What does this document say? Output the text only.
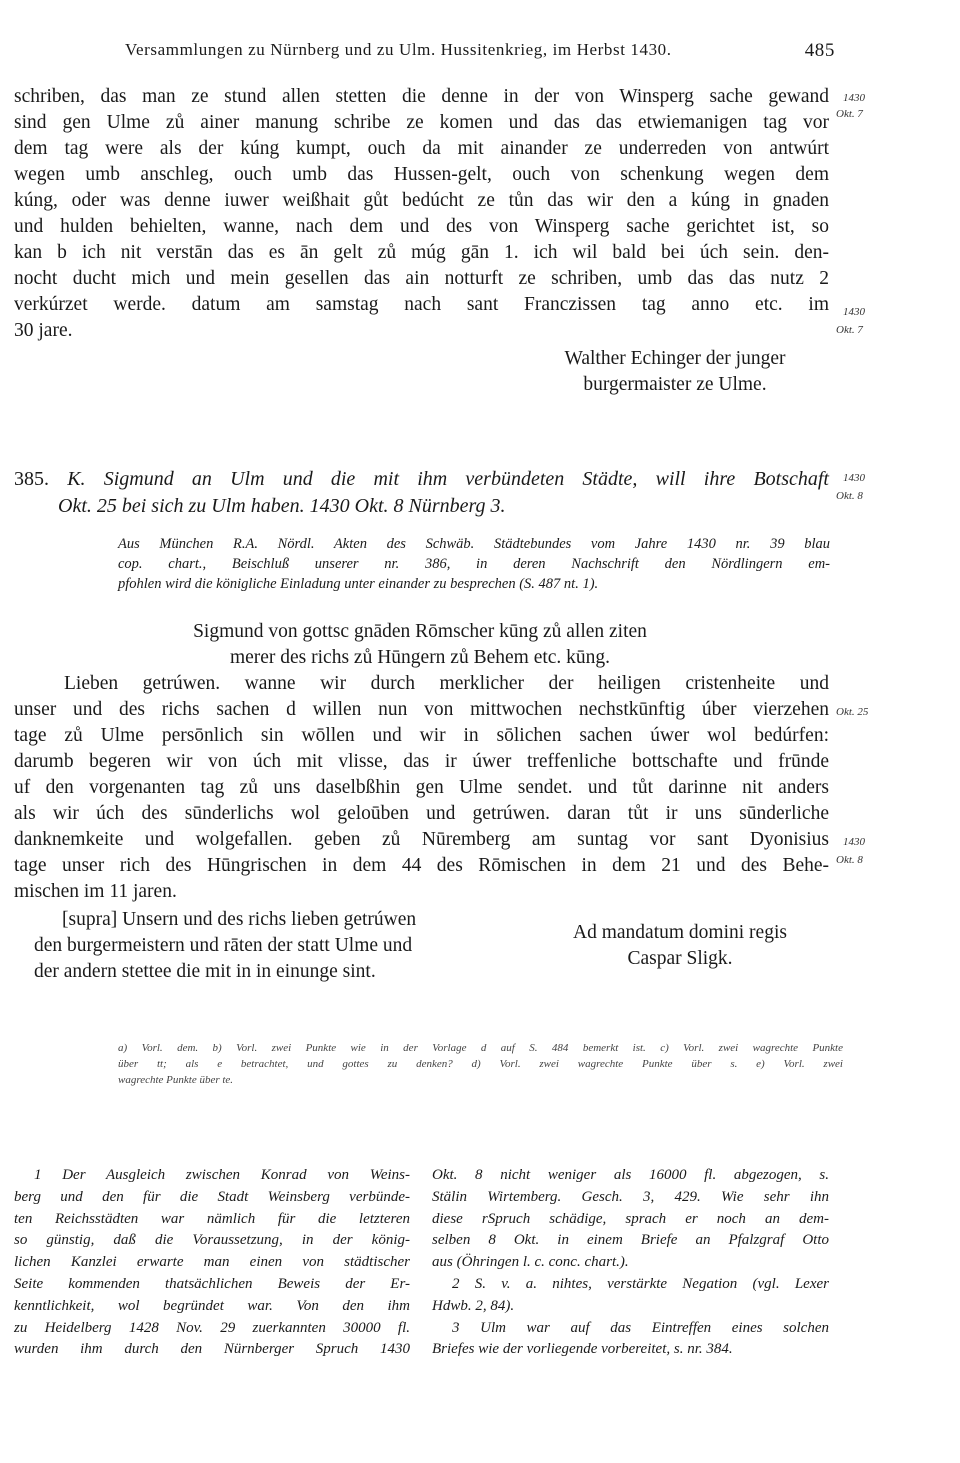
Versammlungen zu Nürnberg und zu Ulm. Hussitenkrieg, im Herbst 1430.	485
schriben, das man ze stund allen stetten die denne in der von Winsperg sache gewand
sind gen Ulme zů ainer manung schribe ze komen und das das etwiemanigen tag vor
dem tag were als der kúng kumpt, ouch da mit ainander ze underreden von antwúrt
wegen umb anschleg, ouch umb das Hussen-gelt, ouch von schenkung wegen dem
kúng, oder was denne iuwer weißhait gůt bedúcht ze tůn das wir den a kúng in gnaden
und hulden behielten, wanne, nach dem und des von Winsperg sache gerichtet ist, so
kan b ich nit verstān das es ān gelt zů múg gān 1. ich wil bald bei úch sein. den-
nocht ducht mich und mein gesellen das ain notturft ze schriben, umb das das nutz 2
verkúrzet werde. datum am samstag nach sant Franczissen tag anno etc. im
30 jare.
1430
Okt. 7
1430
Okt. 7
Walther Echinger der junger
burgermaister ze Ulme.
385. K. Sigmund an Ulm und die mit ihm verbündeten Städte, will ihre Botschaft
Okt. 25 bei sich zu Ulm haben. 1430 Okt. 8 Nürnberg 3.
1430
Okt. 8
Aus München R.A. Nördl. Akten des Schwäb. Städtebundes vom Jahre 1430 nr. 39 blau
cop. chart., Beischluß unserer nr. 386, in deren Nachschrift den Nördlingern em-
pfohlen wird die königliche Einladung unter einander zu besprechen (S. 487 nt. 1).
Sigmund von gottsc gnāden Rōmscher kūng zů allen ziten
merer des richs zů Hūngern zů Behem etc. kūng.
Lieben getrúwen. wanne wir durch merklicher der heiligen cristenheite und
unser und des richs sachen d willen nun von mittwochen nechstkūnftig úber vierzehen
tage zů Ulme persōnlich sin wōllen und wir in sōlichen sachen úwer wol bedúrfen:
darumb begeren wir von úch mit vlisse, das ir úwer treffenliche bottschafte und frūnde
uf den vorgenanten tag zů uns daselbßhin gen Ulme sendet. und tůt darinne nit anders
als wir úch des sūnderlichs wol geloūben und getrúwen. daran tůt ir uns sūnderliche
danknemkeite und wolgefallen. geben zů Nūremberg am suntag vor sant Dyonisius
tage unser rich des Hūngrischen in dem 44 des Rōmischen in dem 21 und des Behe-
mischen im 11 jaren.
Okt. 25
1430
Okt. 8
[supra] Unsern und des richs lieben getrúwen
den burgermeistern und rāten der statt Ulme und
der andern stettee die mit in in einunge sint.
Ad mandatum domini regis
Caspar Sligk.
a) Vorl. dem. b) Vorl. zwei Punkte wie in der Vorlage d auf S. 484 bemerkt ist. c) Vorl. zwei wagrechte Punkte
über tt; als e betrachtet, und gottes zu denken? d) Vorl. zwei wagrechte Punkte über s. e) Vorl. zwei
wagrechte Punkte über te.
1 Der Ausgleich zwischen Konrad von Weins-
berg und den für die Stadt Weinsberg verbünde-
ten Reichsstädten war nämlich für die letzteren
so günstig, daß die Voraussetzung, in der könig-
lichen Kanzlei erwarte man einen von städtischer
Seite kommenden thatsächlichen Beweis der Er-
kenntlichkeit, wol begründet war. Von den ihm
zu Heidelberg 1428 Nov. 29 zuerkannten 30000 fl.
wurden ihm durch den Nürnberger Spruch 1430
Okt. 8 nicht weniger als 16000 fl. abgezogen, s.
Stälin Wirtemberg. Gesch. 3, 429. Wie sehr ihn
diese rSpruch schädige, sprach er noch an dem-
selben 8 Okt. in einem Briefe an Pfalzgraf Otto
aus (Öhringen l. c. conc. chart.).
2 S. v. a. nihtes, verstärkte Negation (vgl. Lexer
Hdwb. 2, 84).
3 Ulm war auf das Eintreffen eines solchen
Briefes wie der vorliegende vorbereitet, s. nr. 384.
